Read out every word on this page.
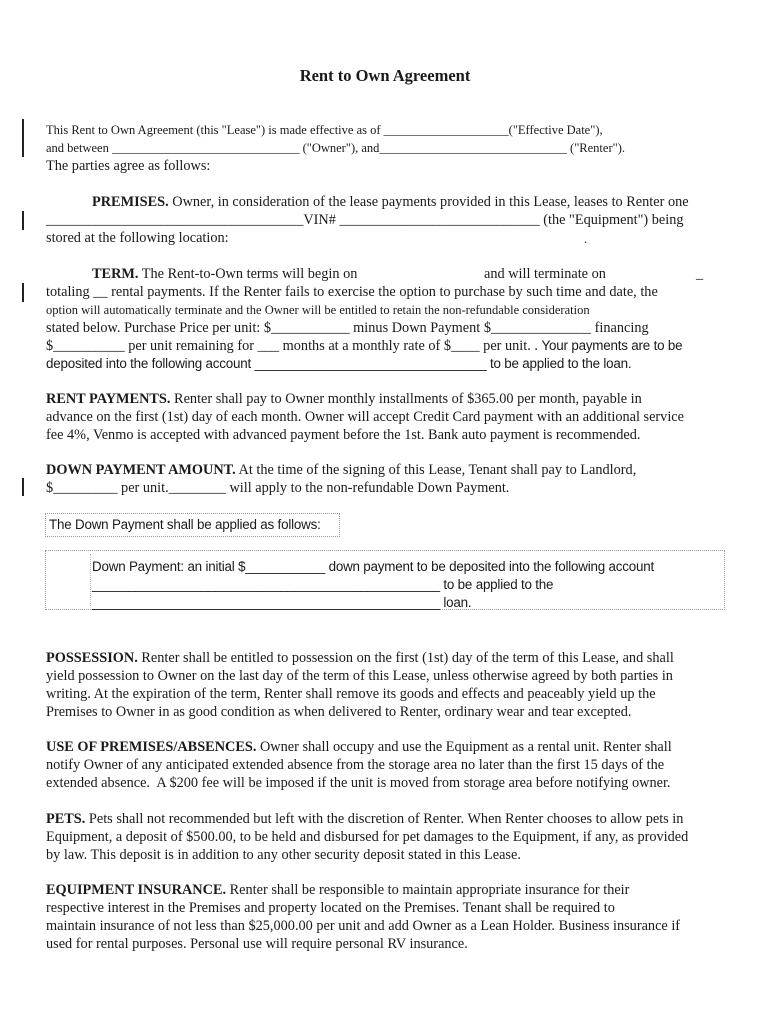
Rent to Own Agreement
This Rent to Own Agreement (this "Lease") is made effective as of ____________________("Effective Date"),
and between ______________________________ ("Owner"), and______________________________ ("Renter").
The parties agree as follows:
PREMISES. Owner, in consideration of the lease payments provided in this Lease, leases to Renter one
____________________________________VIN# ____________________________ (the "Equipment") being
stored at the following location:	.
TERM. The Rent-to-Own terms will begin on	and will terminate on	_
totaling __ rental payments. If the Renter fails to exercise the option to purchase by such time and date, the
option will automatically terminate and the Owner will be entitled to retain the non-refundable consideration
stated below. Purchase Price per unit: $___________ minus Down Payment $______________ financing
$__________ per unit remaining for ___ months at a monthly rate of $____ per unit. . Your payments are to be
deposited into the following account ________________________________ to be applied to the loan.
RENT PAYMENTS. Renter shall pay to Owner monthly installments of $365.00 per month, payable in
advance on the first (1st) day of each month. Owner will accept Credit Card payment with an additional service
fee 4%, Venmo is accepted with advanced payment before the 1st. Bank auto payment is recommended.
DOWN PAYMENT AMOUNT. At the time of the signing of this Lease, Tenant shall pay to Landlord,
$_________ per unit.________ will apply to the non-refundable Down Payment.
The Down Payment shall be applied as follows:
Down Payment: an initial $___________ down payment to be deposited into the following account
________________________________________________ to be applied to the
________________________________________________ loan.
POSSESSION. Renter shall be entitled to possession on the first (1st) day of the term of this Lease, and shall
yield possession to Owner on the last day of the term of this Lease, unless otherwise agreed by both parties in
writing. At the expiration of the term, Renter shall remove its goods and effects and peaceably yield up the
Premises to Owner in as good condition as when delivered to Renter, ordinary wear and tear excepted.
USE OF PREMISES/ABSENCES. Owner shall occupy and use the Equipment as a rental unit. Renter shall
notify Owner of any anticipated extended absence from the storage area no later than the first 15 days of the
extended absence.  A $200 fee will be imposed if the unit is moved from storage area before notifying owner.
PETS. Pets shall not recommended but left with the discretion of Renter. When Renter chooses to allow pets in
Equipment, a deposit of $500.00, to be held and disbursed for pet damages to the Equipment, if any, as provided
by law. This deposit is in addition to any other security deposit stated in this Lease.
EQUIPMENT INSURANCE. Renter shall be responsible to maintain appropriate insurance for their
respective interest in the Premises and property located on the Premises. Tenant shall be required to
maintain insurance of not less than $25,000.00 per unit and add Owner as a Lean Holder. Business insurance if
used for rental purposes. Personal use will require personal RV insurance.
